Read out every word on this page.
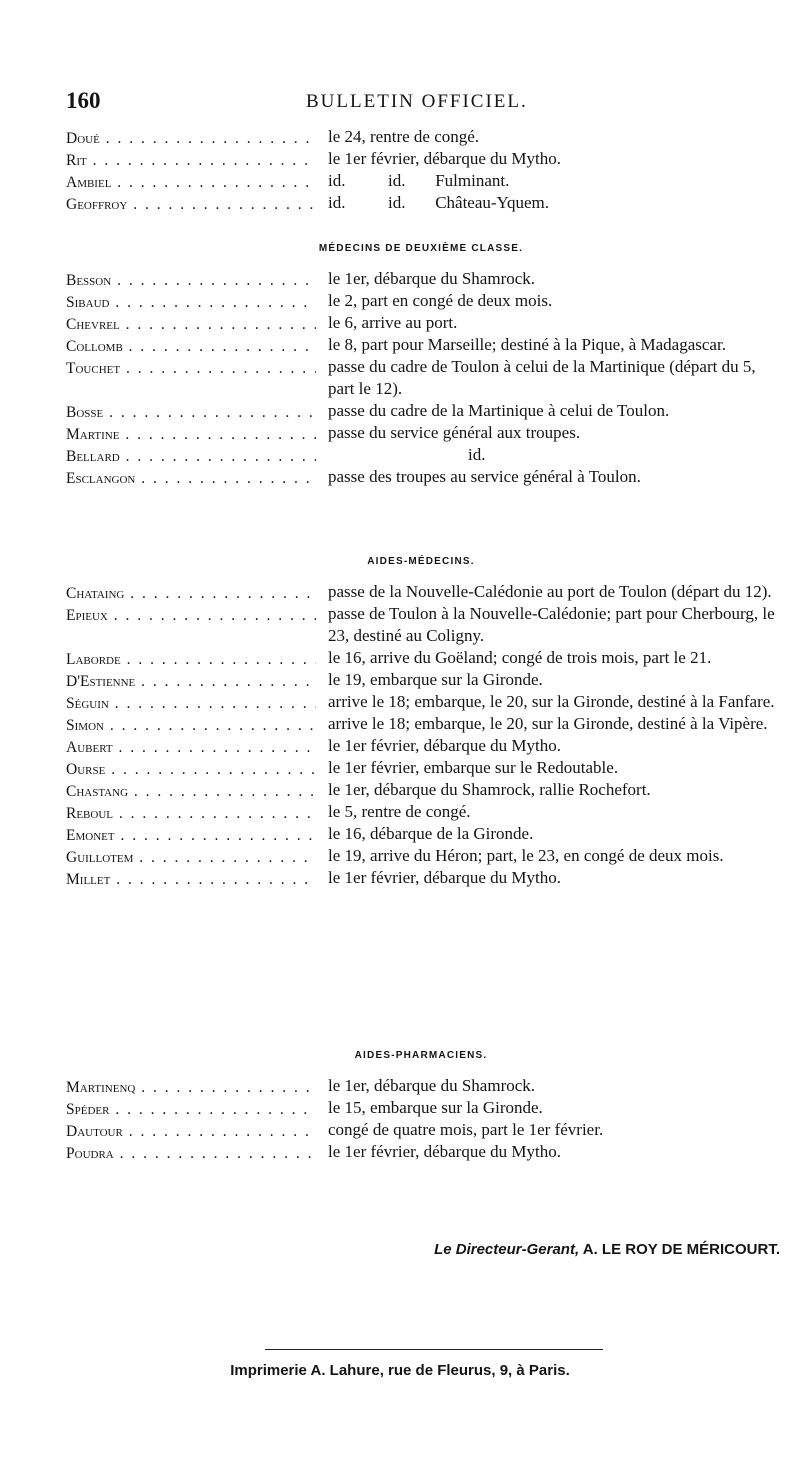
160	BULLETIN OFFICIEL.
Doué . . .	le 24, rentre de congé.
Rit . . .	le 1er février, débarque du Mytho.
Ambiel . . .	id.          id.       Fulminant.
Geoffroy . . .	id.          id.       Château-Yquem.
MÉDECINS DE DEUXIÈME CLASSE.
Besson . . .	le 1er, débarque du Shamrock.
Sibaud . . .	le 2, part en congé de deux mois.
Chevrel . . .	le 6, arrive au port.
Collomb . . .	le 8, part pour Marseille; destiné à la Pique, à Madagascar.
Touchet . . .	passe du cadre de Toulon à celui de la Martinique (départ du 5, part le 12).
Bosse . . .	passe du cadre de la Martinique à celui de Toulon.
Martine . . .	passe du service général aux troupes.
Bellard . . .	id.
Esclangon . . .	passe des troupes au service général à Toulon.
AIDES-MÉDECINS.
Chataing . . .	passe de la Nouvelle-Calédonie au port de Toulon (départ du 12).
Epieux . . .	passe de Toulon à la Nouvelle-Calédonie; part pour Cherbourg, le 23, destiné au Coligny.
Laborde . . .	le 16, arrive du Goëland; congé de trois mois, part le 21.
D'Estienne . . .	le 19, embarque sur la Gironde.
Séguin . . .	arrive le 18; embarque, le 20, sur la Gironde, destiné à la Fanfare.
Simon . . .	arrive le 18; embarque, le 20, sur la Gironde, destiné à la Vipère.
Aubert . . .	le 1er février, débarque du Mytho.
Ourse . . .	le 1er février, embarque sur le Redoutable.
Chastang . . .	le 1er, débarque du Shamrock, rallie Rochefort.
Reboul . . .	le 5, rentre de congé.
Emonet . . .	le 16, débarque de la Gironde.
Guillotem . . .	le 19, arrive du Héron; part, le 23, en congé de deux mois.
Millet . . .	le 1er février, débarque du Mytho.
AIDES-PHARMACIENS.
Martinenq . . .	le 1er, débarque du Shamrock.
Spéder . . .	le 15, embarque sur la Gironde.
Dautour . . .	congé de quatre mois, part le 1er février.
Poudra . . .	le 1er février, débarque du Mytho.
Le Directeur-Gerant, A. LE ROY DE MÉRICOURT.
Imprimerie A. Lahure, rue de Fleurus, 9, à Paris.
